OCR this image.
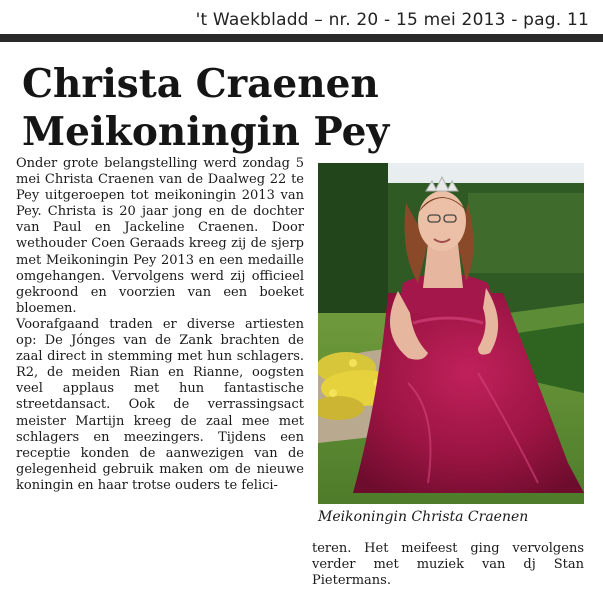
't Waekbladd – nr. 20 - 15 mei 2013 - pag. 11
Christa Craenen
Meikoningin Pey

Onder grote belangstelling werd zondag 5 mei Christa Craenen van de Daalweg 22 te Pey uitgeroepen tot meikoningin 2013 van Pey. Christa is 20 jaar jong en de dochter van Paul en Jackeline Craenen. Door wethouder Coen Geraads kreeg zij de sjerp met Meikoningin Pey 2013 en een medaille omgehangen. Vervolgens werd zij officieel gekroond en voorzien van een boeket bloemen.

Voorafgaand traden er diverse artiesten op: De Jónges van de Zank brachten de zaal direct in stemming met hun schlagers. R2, de meiden Rian en Rianne, oogsten veel applaus met hun fantastische streetdansact. Ook de verrassingsact meister Martijn kreeg de zaal mee met schlagers en meezingers. Tijdens een receptie konden de aanwezigen van de gelegenheid gebruik maken om de nieuwe koningin en haar trotse ouders te felici-

Meikoningin Christa Craenen

teren. Het meifeest ging vervolgens verder met muziek van dj Stan Pietermans.
